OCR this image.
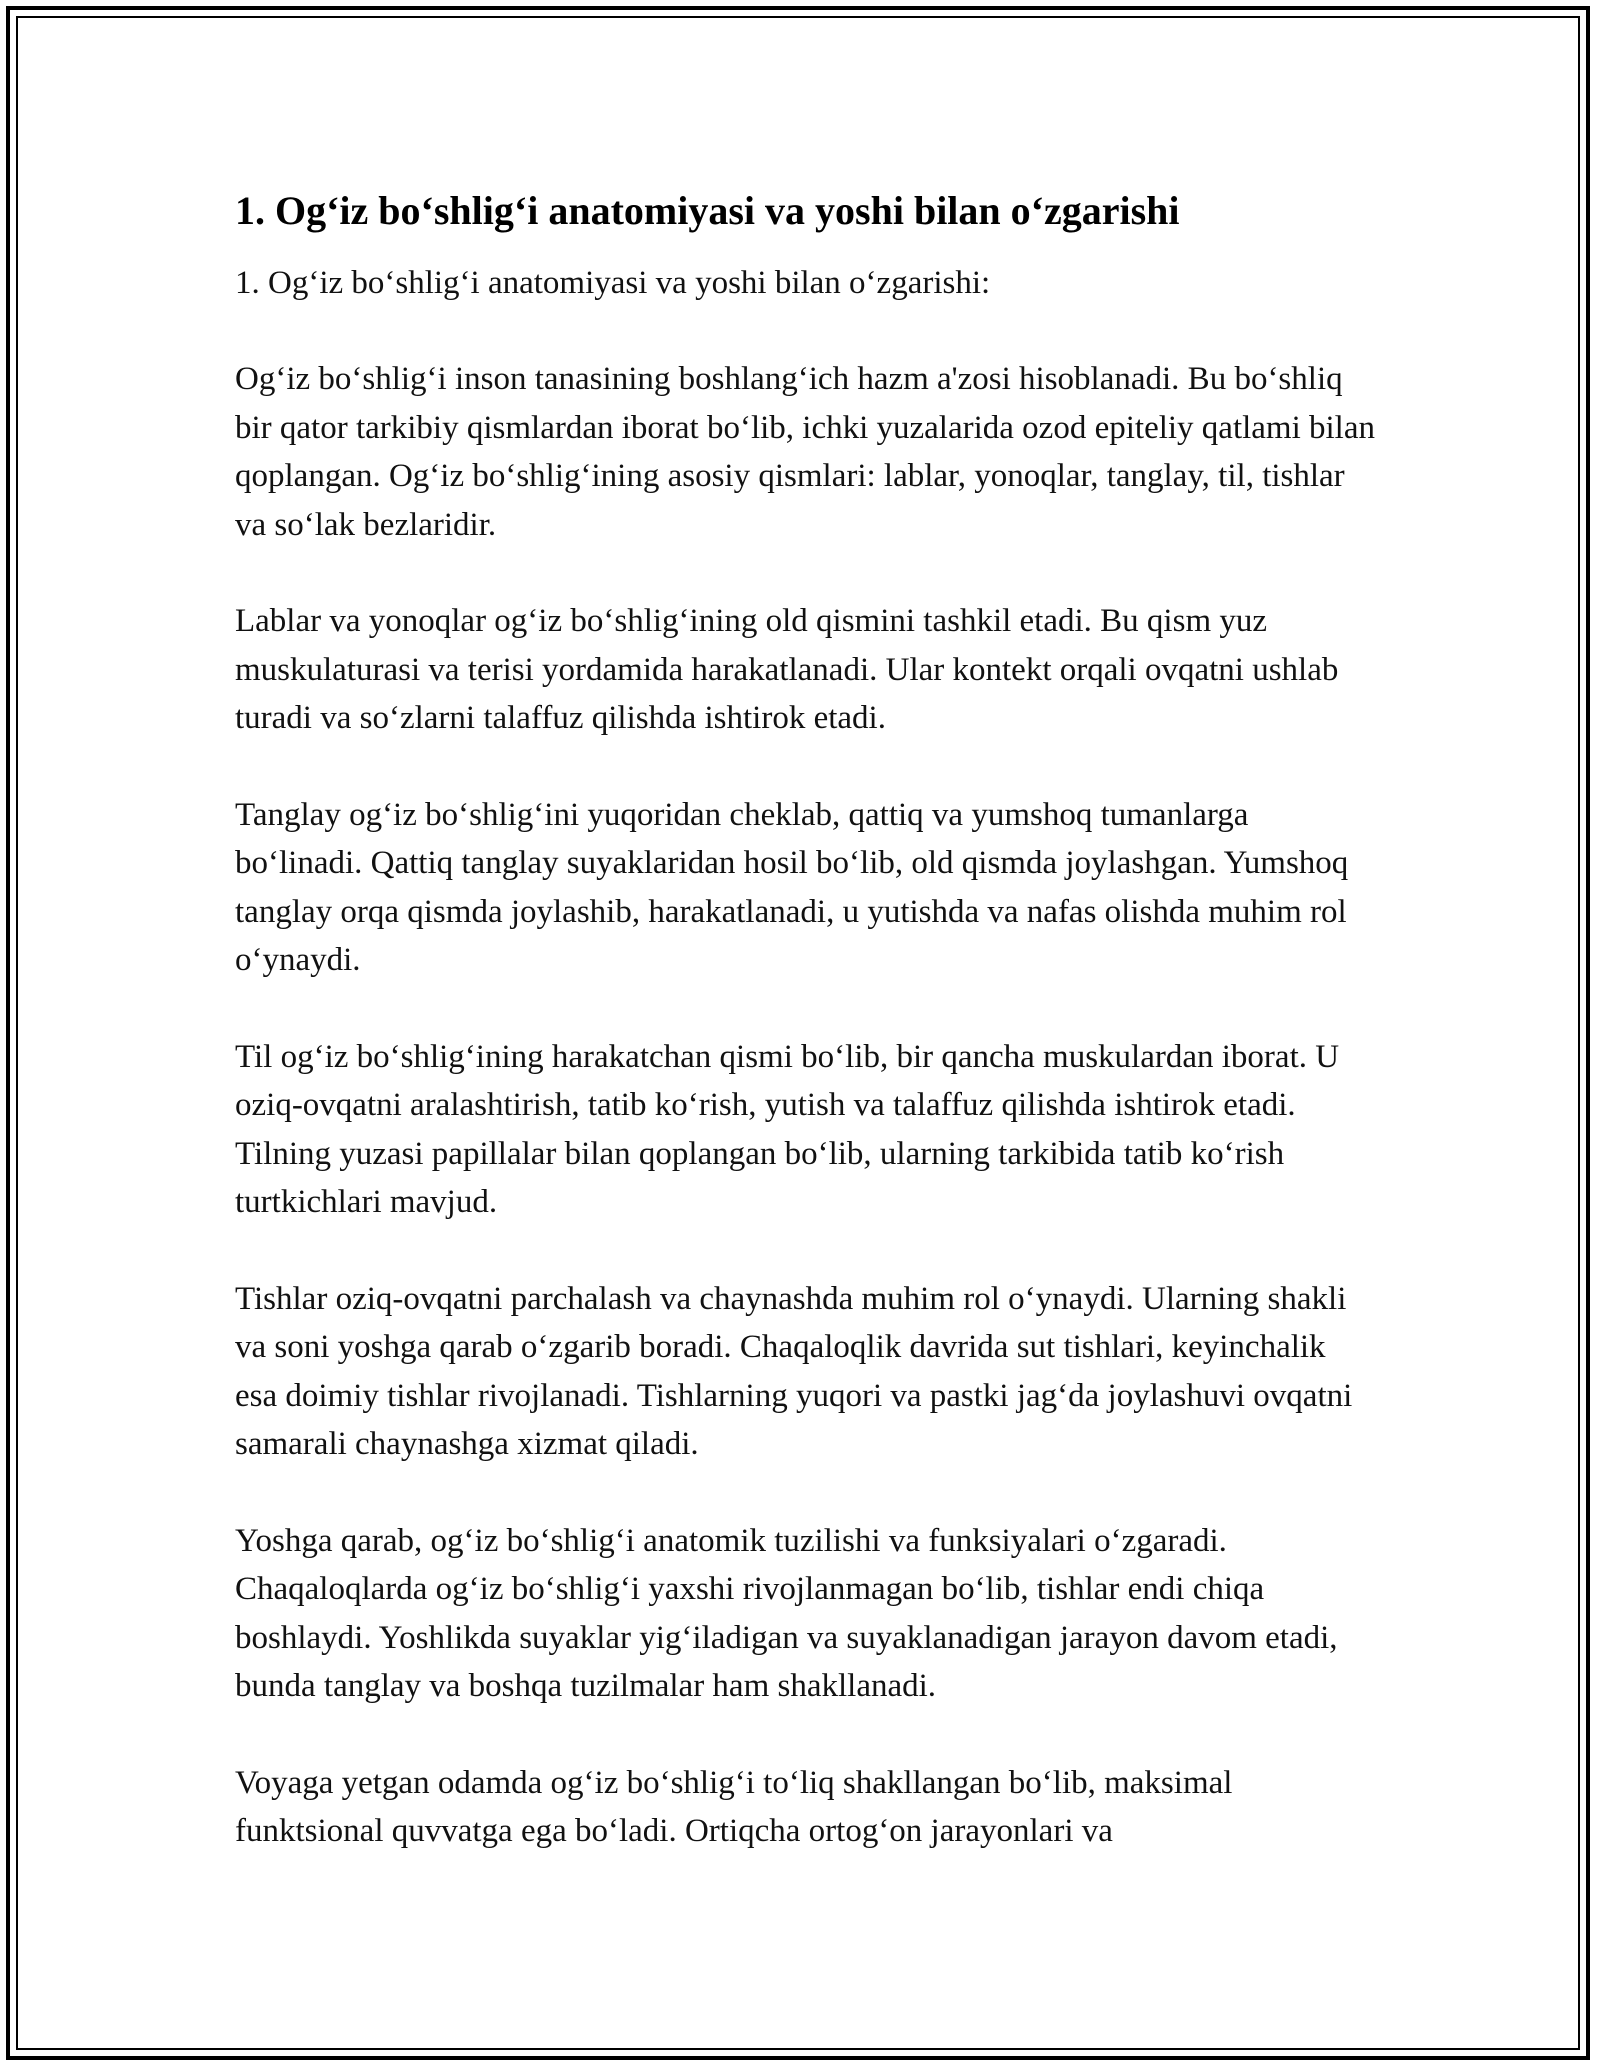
1. Og‘iz bo‘shlig‘i anatomiyasi va yoshi bilan o‘zgarishi

1. Og‘iz bo‘shlig‘i anatomiyasi va yoshi bilan o‘zgarishi:

Og‘iz bo‘shlig‘i inson tanasining boshlang‘ich hazm a'zosi hisoblanadi. Bu bo‘shliq bir qator tarkibiy qismlardan iborat bo‘lib, ichki yuzalarida ozod epiteliy qatlami bilan qoplangan. Og‘iz bo‘shlig‘ining asosiy qismlari: lablar, yonoqlar, tanglay, til, tishlar va so‘lak bezlaridir.

Lablar va yonoqlar og‘iz bo‘shlig‘ining old qismini tashkil etadi. Bu qism yuz muskulaturasi va terisi yordamida harakatlanadi. Ular kontekt orqali ovqatni ushlab turadi va so‘zlarni talaffuz qilishda ishtirok etadi.

Tanglay og‘iz bo‘shlig‘ini yuqoridan cheklab, qattiq va yumshoq tumanlarga bo‘linadi. Qattiq tanglay suyaklaridan hosil bo‘lib, old qismda joylashgan. Yumshoq tanglay orqa qismda joylashib, harakatlanadi, u yutishda va nafas olishda muhim rol o‘ynaydi.

Til og‘iz bo‘shlig‘ining harakatchan qismi bo‘lib, bir qancha muskulardan iborat. U oziq-ovqatni aralashtirish, tatib ko‘rish, yutish va talaffuz qilishda ishtirok etadi. Tilning yuzasi papillalar bilan qoplangan bo‘lib, ularning tarkibida tatib ko‘rish turtkichlari mavjud.

Tishlar oziq-ovqatni parchalash va chaynashda muhim rol o‘ynaydi. Ularning shakli va soni yoshga qarab o‘zgarib boradi. Chaqaloqlik davrida sut tishlari, keyinchalik esa doimiy tishlar rivojlanadi. Tishlarning yuqori va pastki jag‘da joylashuvi ovqatni samarali chaynashga xizmat qiladi.

Yoshga qarab, og‘iz bo‘shlig‘i anatomik tuzilishi va funksiyalari o‘zgaradi. Chaqaloqlarda og‘iz bo‘shlig‘i yaxshi rivojlanmagan bo‘lib, tishlar endi chiqa boshlaydi. Yoshlikda suyaklar yig‘iladigan va suyaklanadigan jarayon davom etadi, bunda tanglay va boshqa tuzilmalar ham shakllanadi.

Voyaga yetgan odamda og‘iz bo‘shlig‘i to‘liq shakllangan bo‘lib, maksimal funktsional quvvatga ega bo‘ladi. Ortiqcha ortog‘on jarayonlari va
